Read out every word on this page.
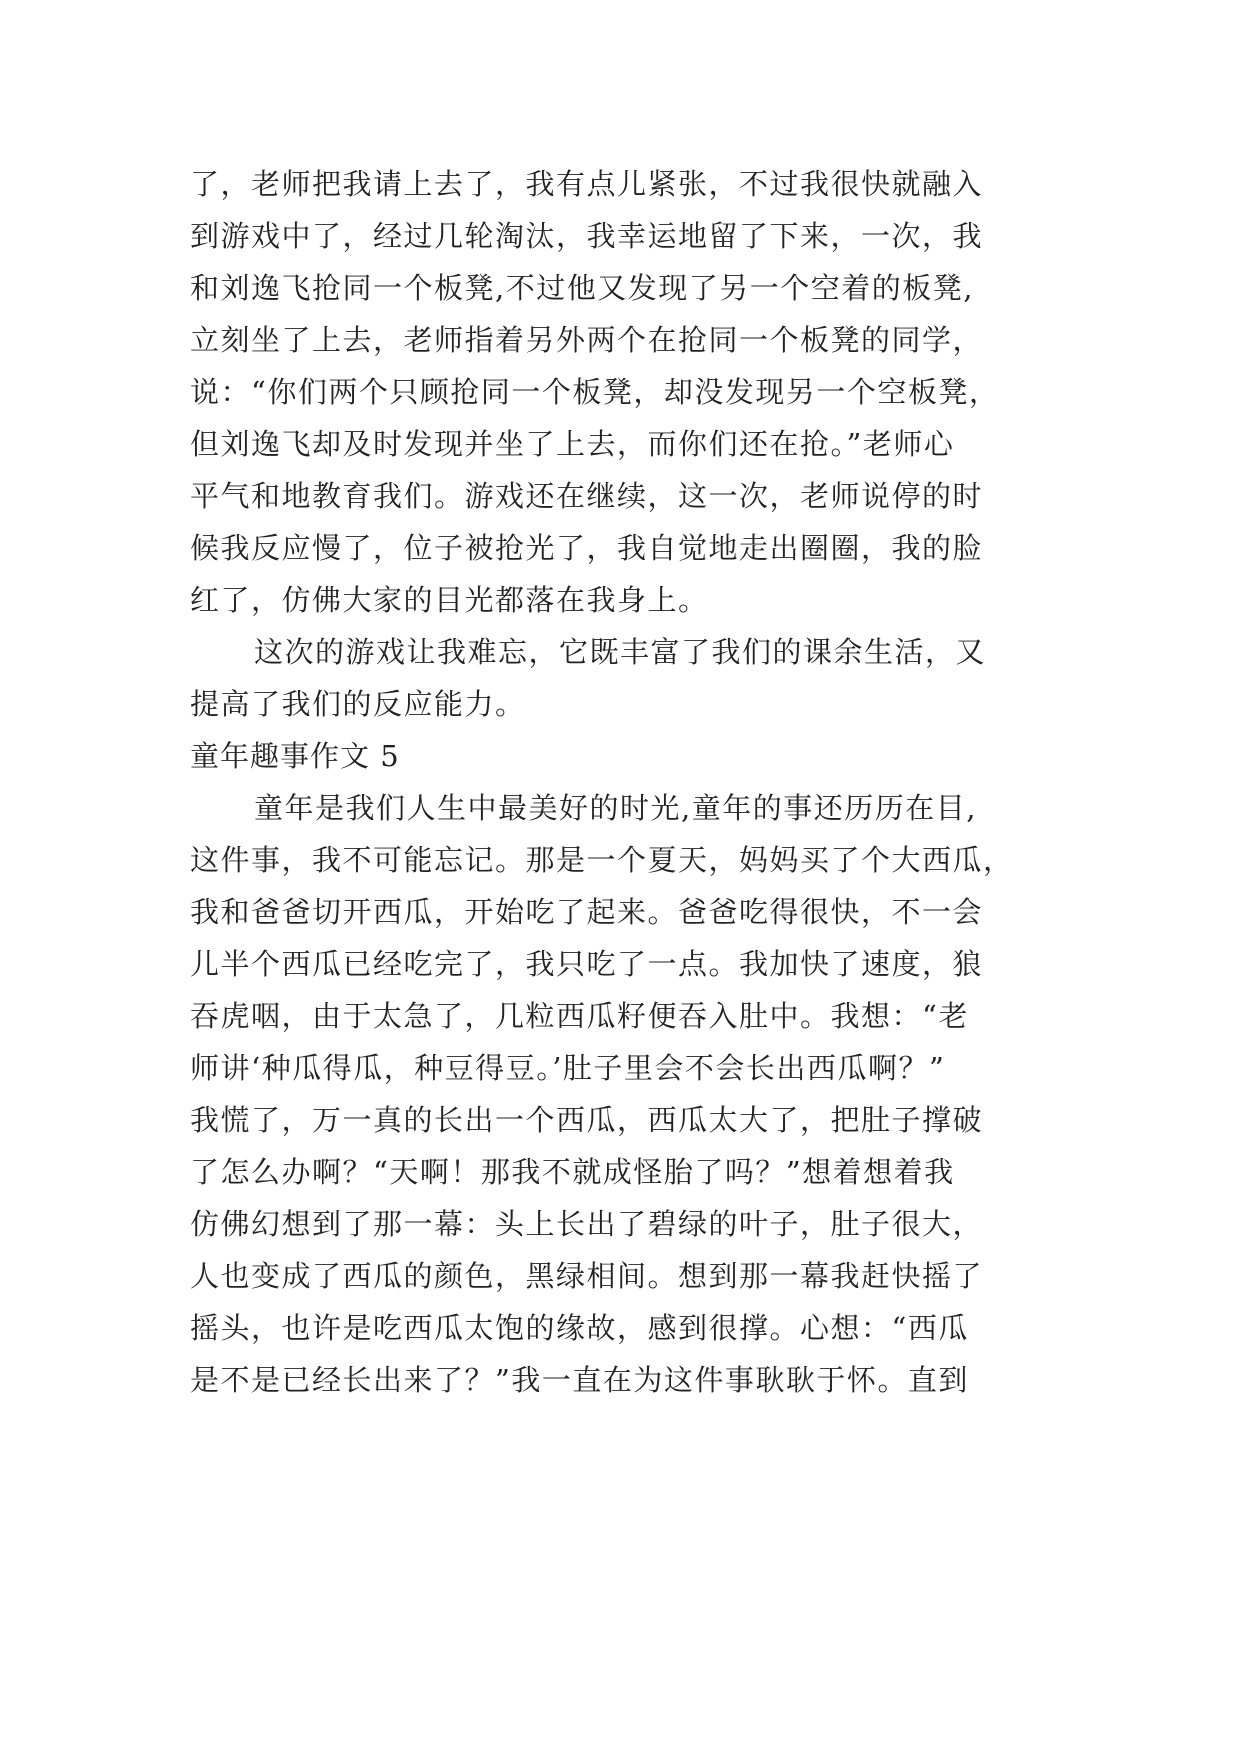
了，老师把我请上去了，我有点儿紧张，不过我很快就融入
到游戏中了，经过几轮淘汰，我幸运地留了下来，一次，我
和刘逸飞抢同一个板凳,不过他又发现了另一个空着的板凳,
立刻坐了上去，老师指着另外两个在抢同一个板凳的同学，
说：“你们两个只顾抢同一个板凳，却没发现另一个空板凳，
但刘逸飞却及时发现并坐了上去，而你们还在抢。”老师心
平气和地教育我们。游戏还在继续，这一次，老师说停的时
候我反应慢了，位子被抢光了，我自觉地走出圈圈，我的脸
红了，仿佛大家的目光都落在我身上。
这次的游戏让我难忘，它既丰富了我们的课余生活，又
提高了我们的反应能力。
童年趣事作文 5
童年是我们人生中最美好的时光,童年的事还历历在目,
这件事，我不可能忘记。那是一个夏天，妈妈买了个大西瓜，
我和爸爸切开西瓜，开始吃了起来。爸爸吃得很快，不一会
儿半个西瓜已经吃完了，我只吃了一点。我加快了速度，狼
吞虎咽，由于太急了，几粒西瓜籽便吞入肚中。我想：“老
师讲‘种瓜得瓜，种豆得豆。’肚子里会不会长出西瓜啊？”
我慌了，万一真的长出一个西瓜，西瓜太大了，把肚子撑破
了怎么办啊？“天啊！那我不就成怪胎了吗？”想着想着我
仿佛幻想到了那一幕：头上长出了碧绿的叶子，肚子很大，
人也变成了西瓜的颜色，黑绿相间。想到那一幕我赶快摇了
摇头，也许是吃西瓜太饱的缘故，感到很撑。心想：“西瓜
是不是已经长出来了？”我一直在为这件事耿耿于怀。直到
